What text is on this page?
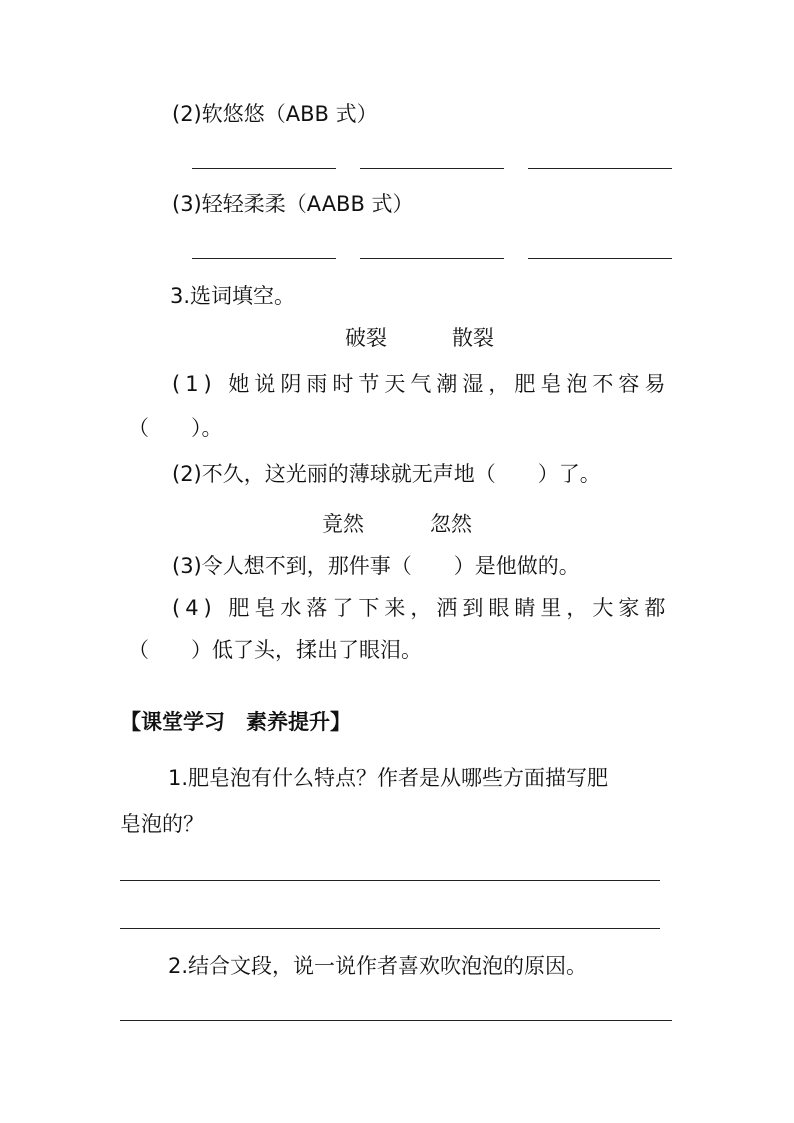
(2)软悠悠（ABB 式）
(3)轻轻柔柔（AABB 式）
3.选词填空。
破裂	散裂
(1) 她说阴雨时节天气潮湿，肥皂泡不容易
（　　）。
(2)不久，这光丽的薄球就无声地（　　）了。
竟然	忽然
(3)令人想不到，那件事（　　）是他做的。
(4) 肥皂水落了下来，洒到眼睛里，大家都
（　　）低了头，揉出了眼泪。
【课堂学习　素养提升】
1.肥皂泡有什么特点？作者是从哪些方面描写肥
皂泡的？
2.结合文段，说一说作者喜欢吹泡泡的原因。
